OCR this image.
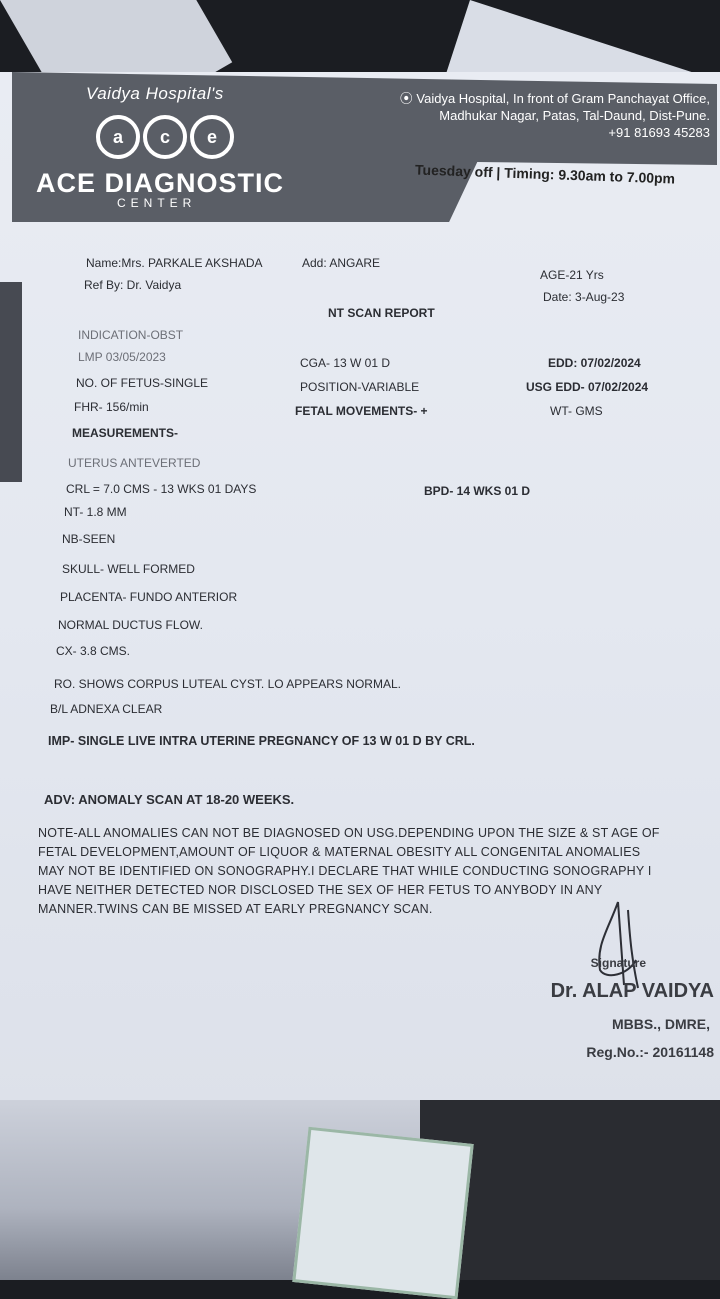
Vaidya Hospital's
a	c	e
ACE DIAGNOSTIC
CENTER
⦿ Vaidya Hospital, In front of Gram Panchayat Office,
Madhukar Nagar, Patas, Tal-Daund, Dist-Pune.
+91 81693 45283
Tuesday off | Timing: 9.30am to 7.00pm
Name:Mrs. PARKALE AKSHADA	Add: ANGARE
AGE-21 Yrs
Ref By: Dr. Vaidya
Date: 3-Aug-23
NT SCAN REPORT
INDICATION-OBST
LMP 03/05/2023	CGA- 13 W 01 D	EDD: 07/02/2024
NO. OF FETUS-SINGLE	POSITION-VARIABLE	USG EDD- 07/02/2024
FHR- 156/min	FETAL MOVEMENTS- +	WT- GMS
MEASUREMENTS-
UTERUS ANTEVERTED
CRL = 7.0 CMS - 13 WKS 01 DAYS	BPD- 14 WKS 01 D
NT- 1.8 MM
NB-SEEN
SKULL- WELL FORMED
PLACENTA- FUNDO ANTERIOR
NORMAL DUCTUS FLOW.
CX- 3.8 CMS.
RO. SHOWS CORPUS LUTEAL CYST. LO APPEARS NORMAL.
B/L ADNEXA CLEAR
IMP- SINGLE LIVE INTRA UTERINE PREGNANCY OF 13 W 01 D BY CRL.
ADV: ANOMALY SCAN AT 18-20 WEEKS.
NOTE-ALL ANOMALIES CAN NOT BE DIAGNOSED ON USG.DEPENDING UPON THE SIZE & ST AGE OF
FETAL DEVELOPMENT,AMOUNT OF LIQUOR & MATERNAL OBESITY ALL CONGENITAL ANOMALIES
MAY NOT BE IDENTIFIED ON SONOGRAPHY.I DECLARE THAT WHILE CONDUCTING SONOGRAPHY I
HAVE NEITHER DETECTED NOR DISCLOSED THE SEX OF HER FETUS TO ANYBODY IN ANY
MANNER.TWINS CAN BE MISSED AT EARLY PREGNANCY SCAN.
Signature
Dr. ALAP VAIDYA
MBBS., DMRE,
Reg.No.:- 20161148
